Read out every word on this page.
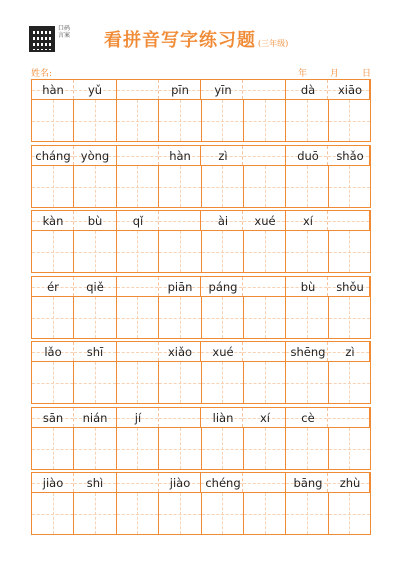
口码言案 看拼音写字练习题 (三年级)
姓名:	年	月	日
hàn yǔ	pīn yīn	dà xiāo
cháng yòng	hàn zì	duō shǎo
kàn bù	qǐ	ài xué xí
ér qiě	piān páng	bù shǒu
lǎo shī	xiǎo xué	shēng zì
sān nián jí	liàn xí	cè
jiào shì	jiào chéng	bāng zhù
